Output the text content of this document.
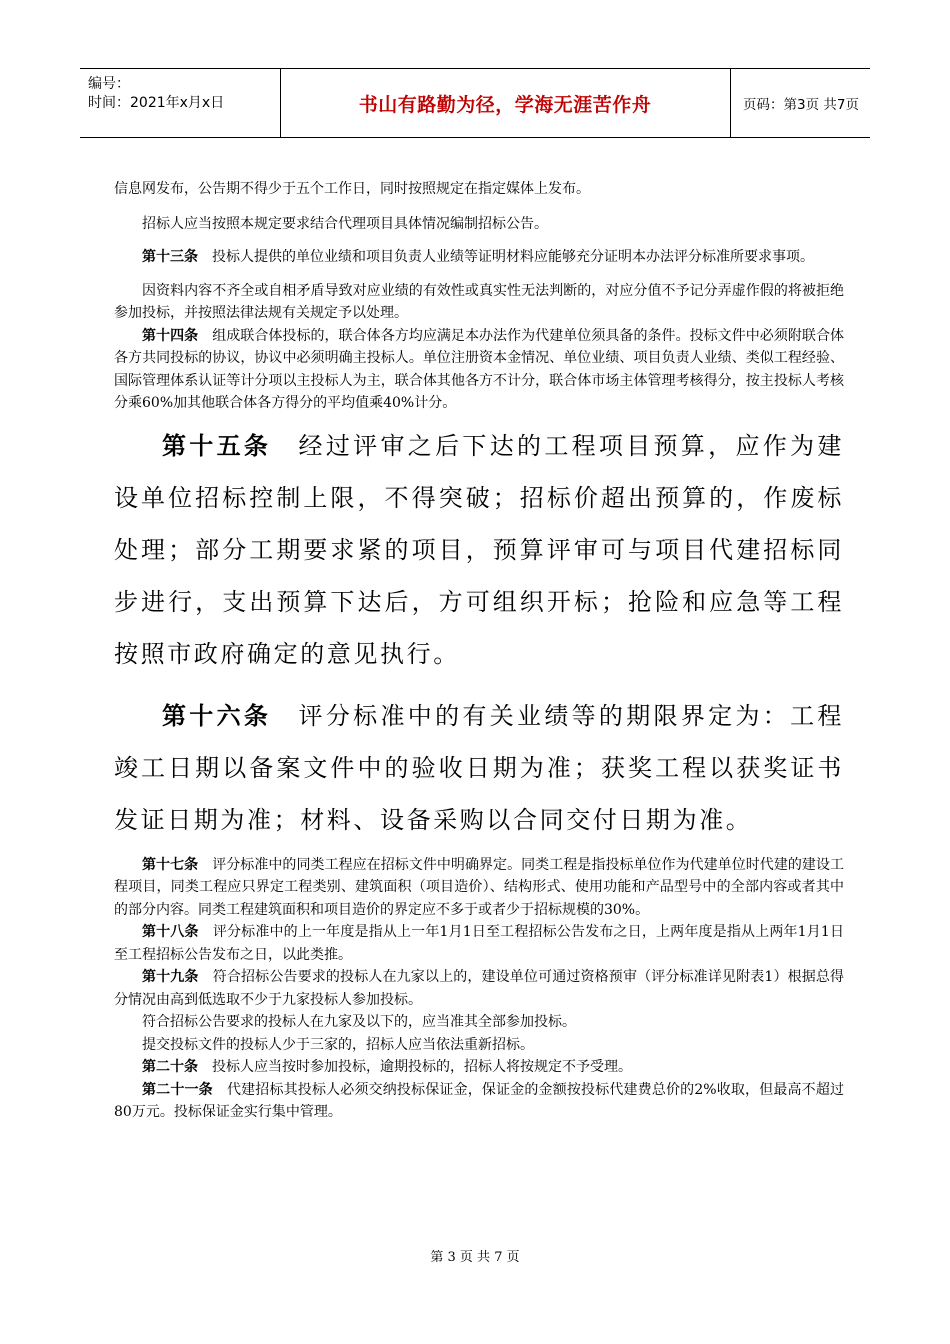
编号：
时间：2021年x月x日	书山有路勤为径，学海无涯苦作舟	页码：第3页 共7页

信息网发布，公告期不得少于五个工作日，同时按照规定在指定媒体上发布。

招标人应当按照本规定要求结合代理项目具体情况编制招标公告。

第十三条　 投标人提供的单位业绩和项目负责人业绩等证明材料应能够充分证明本办法评分标准所要求事项。

因资料内容不齐全或自相矛盾导致对应业绩的有效性或真实性无法判断的，对应分值不予记分弄虚作假的将被拒绝参加投标，并按照法律法规有关规定予以处理。

第十四条　 组成联合体投标的，联合体各方均应满足本办法作为代建单位须具备的条件。投标文件中必须附联合体各方共同投标的协议，协议中必须明确主投标人。单位注册资本金情况、单位业绩、项目负责人业绩、类似工程经验、国际管理体系认证等计分项以主投标人为主，联合体其他各方不计分，联合体市场主体管理考核得分，按主投标人考核分乘60%加其他联合体各方得分的平均值乘40%计分。

第十五条　 经过评审之后下达的工程项目预算，应作为建设单位招标控制上限，不得突破；招标价超出预算的，作废标处理；部分工期要求紧的项目，预算评审可与项目代建招标同步进行，支出预算下达后，方可组织开标；抢险和应急等工程按照市政府确定的意见执行。

第十六条　 评分标准中的有关业绩等的期限界定为：工程竣工日期以备案文件中的验收日期为准；获奖工程以获奖证书发证日期为准；材料、设备采购以合同交付日期为准。

第十七条　 评分标准中的同类工程应在招标文件中明确界定。同类工程是指投标单位作为代建单位时代建的建设工程项目，同类工程应只界定工程类别、建筑面积（项目造价）、结构形式、使用功能和产品型号中的全部内容或者其中的部分内容。同类工程建筑面积和项目造价的界定应不多于或者少于招标规模的30%。

第十八条　 评分标准中的上一年度是指从上一年1月1日至工程招标公告发布之日，上两年度是指从上两年1月1日至工程招标公告发布之日，以此类推。

第十九条　 符合招标公告要求的投标人在九家以上的，建设单位可通过资格预审（评分标准详见附表1）根据总得分情况由高到低选取不少于九家投标人参加投标。

符合招标公告要求的投标人在九家及以下的，应当准其全部参加投标。

提交投标文件的投标人少于三家的，招标人应当依法重新招标。

第二十条　 投标人应当按时参加投标，逾期投标的，招标人将按规定不予受理。

第二十一条　 代建招标其投标人必须交纳投标保证金，保证金的金额按投标代建费总价的2%收取，但最高不超过80万元。投标保证金实行集中管理。

第 3 页 共 7 页
